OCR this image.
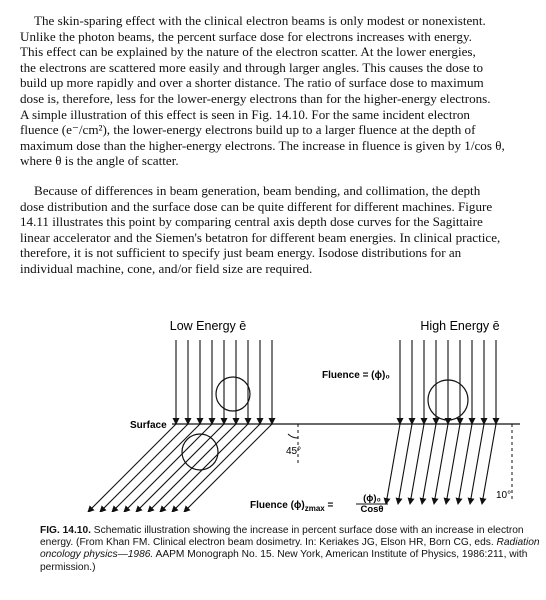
The skin-sparing effect with the clinical electron beams is only modest or nonexistent.
Unlike the photon beams, the percent surface dose for electrons increases with energy.
This effect can be explained by the nature of the electron scatter. At the lower energies,
the electrons are scattered more easily and through larger angles. This causes the dose to
build up more rapidly and over a shorter distance. The ratio of surface dose to maximum
dose is, therefore, less for the lower-energy electrons than for the higher-energy electrons.
A simple illustration of this effect is seen in Fig. 14.10. For the same incident electron
fluence (e⁻/cm²), the lower-energy electrons build up to a larger fluence at the depth of
maximum dose than the higher-energy electrons. The increase in fluence is given by 1/cos θ,
where θ is the angle of scatter.

Because of differences in beam generation, beam bending, and collimation, the depth
dose distribution and the surface dose can be quite different for different machines. Figure
14.11 illustrates this point by comparing central axis depth dose curves for the Sagittaire
linear accelerator and the Siemen's betatron for different beam energies. In clinical practice,
therefore, it is not sufficient to specify just beam energy. Isodose distributions for an
individual machine, cone, and/or field size are required.

Low Energy ē	High Energy ē
Surface
45°
Fluence = (ɸ)₀
10°
Fluence $(ɸ)_{zmax}$ =
(ɸ)₀
Cosθ

FIG. 14.10. Schematic illustration showing the increase in percent surface dose with an increase in electron
energy. (From Khan FM. Clinical electron beam dosimetry. In: Keriakes JG, Elson HR, Born CG, eds. Radiation
oncology physics—1986. AAPM Monograph No. 15. New York, American Institute of Physics, 1986:211, with
permission.)
